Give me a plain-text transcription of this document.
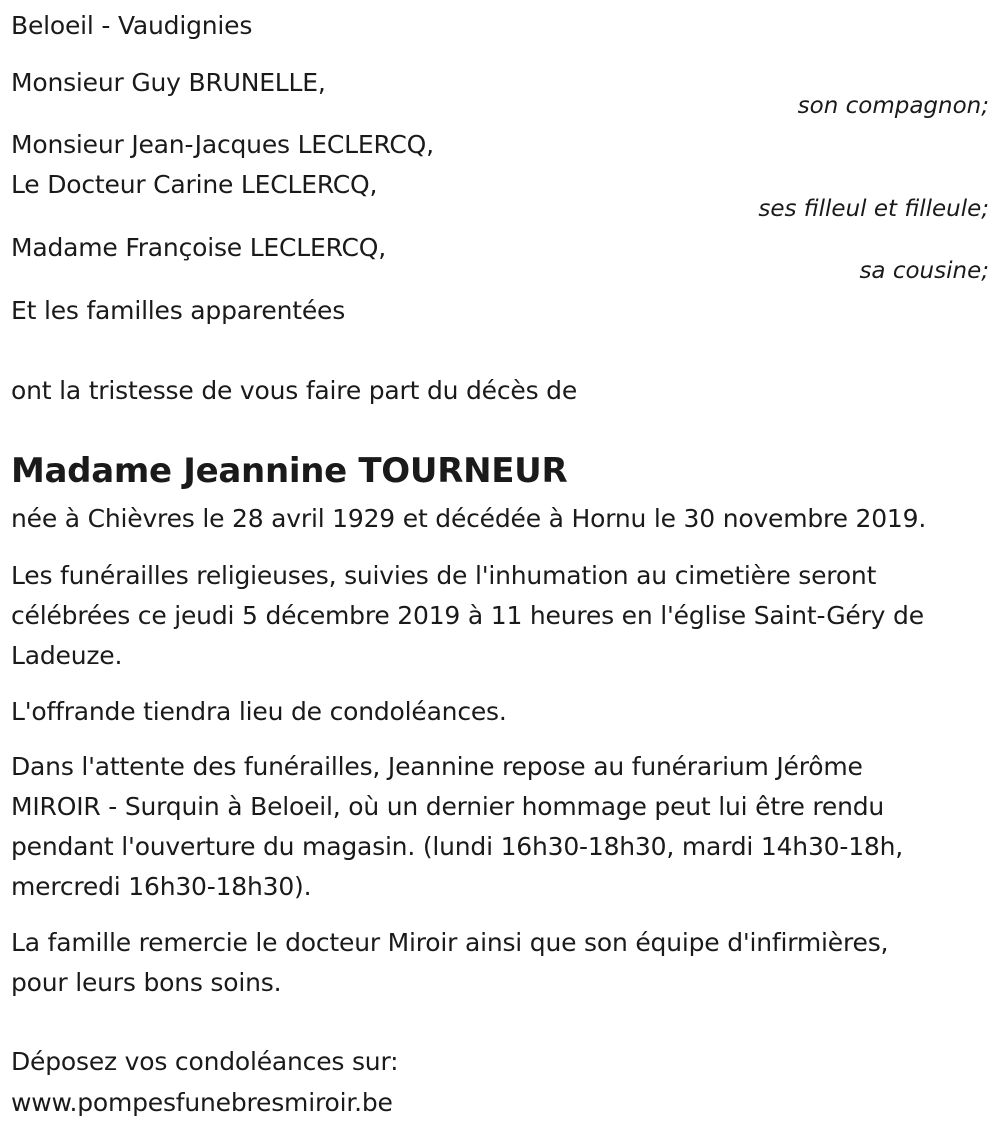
Beloeil - Vaudignies
Monsieur Guy BRUNELLE,
son compagnon;
Monsieur Jean-Jacques LECLERCQ,
Le Docteur Carine LECLERCQ,
ses filleul et filleule;
Madame Françoise LECLERCQ,
sa cousine;
Et les familles apparentées
ont la tristesse de vous faire part du décès de
Madame Jeannine TOURNEUR
née à Chièvres le 28 avril 1929 et décédée à Hornu le 30 novembre 2019.
Les funérailles religieuses, suivies de l'inhumation au cimetière seront
célébrées ce jeudi 5 décembre 2019 à 11 heures en l'église Saint-Géry de
Ladeuze.
L'offrande tiendra lieu de condoléances.
Dans l'attente des funérailles, Jeannine repose au funérarium Jérôme
MIROIR - Surquin à Beloeil, où un dernier hommage peut lui être rendu
pendant l'ouverture du magasin. (lundi 16h30-18h30, mardi 14h30-18h,
mercredi 16h30-18h30).
La famille remercie le docteur Miroir ainsi que son équipe d'infirmières,
pour leurs bons soins.
Déposez vos condoléances sur:
www.pompesfunebresmiroir.be
